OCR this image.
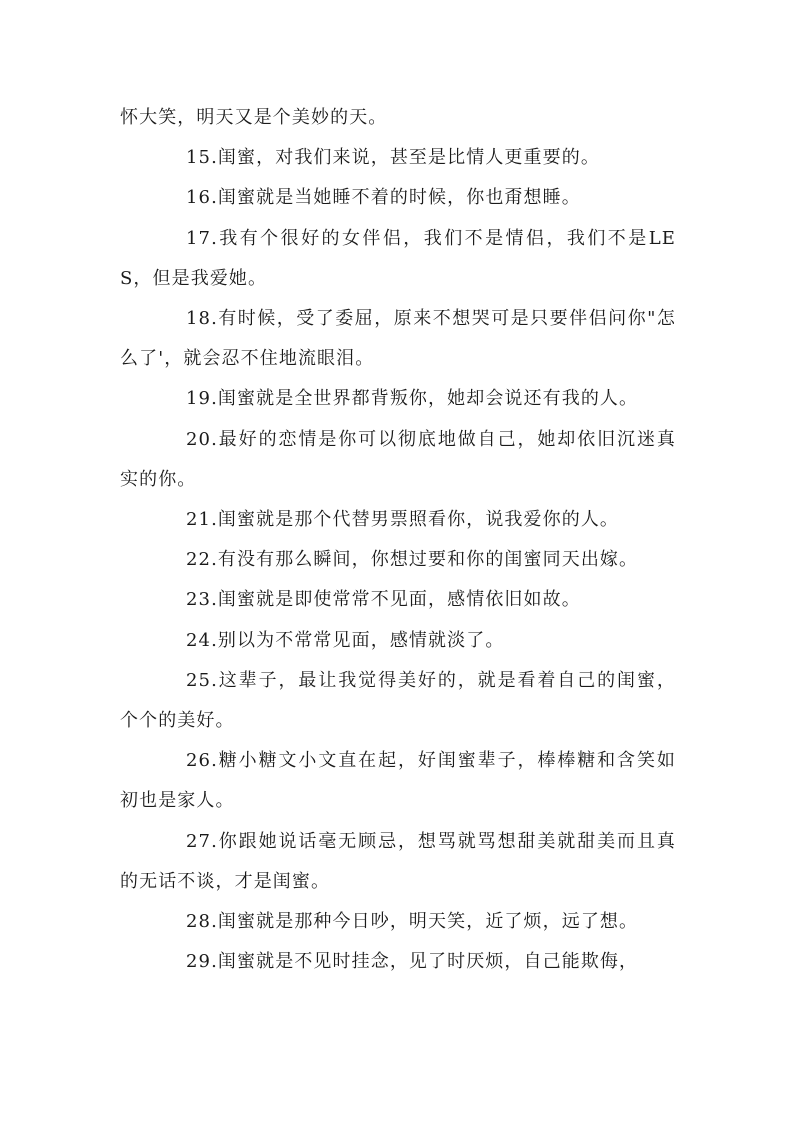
怀大笑，明天又是个美妙的天。

15.闺蜜，对我们来说，甚至是比情人更重要的。

16.闺蜜就是当她睡不着的时候，你也甭想睡。

17.我有个很好的女伴侣，我们不是情侣，我们不是LES，但是我爱她。

18.有时候，受了委屈，原来不想哭可是只要伴侣问你"怎么了'，就会忍不住地流眼泪。

19.闺蜜就是全世界都背叛你，她却会说还有我的人。

20.最好的恋情是你可以彻底地做自己，她却依旧沉迷真实的你。

21.闺蜜就是那个代替男票照看你，说我爱你的人。

22.有没有那么瞬间，你想过要和你的闺蜜同天出嫁。

23.闺蜜就是即使常常不见面，感情依旧如故。

24.别以为不常常见面，感情就淡了。

25.这辈子，最让我觉得美好的，就是看着自己的闺蜜，个个的美好。

26.糖小糖文小文直在起，好闺蜜辈子，棒棒糖和含笑如初也是家人。

27.你跟她说话毫无顾忌，想骂就骂想甜美就甜美而且真的无话不谈，才是闺蜜。

28.闺蜜就是那种今日吵，明天笑，近了烦，远了想。

29.闺蜜就是不见时挂念，见了时厌烦，自己能欺侮，
